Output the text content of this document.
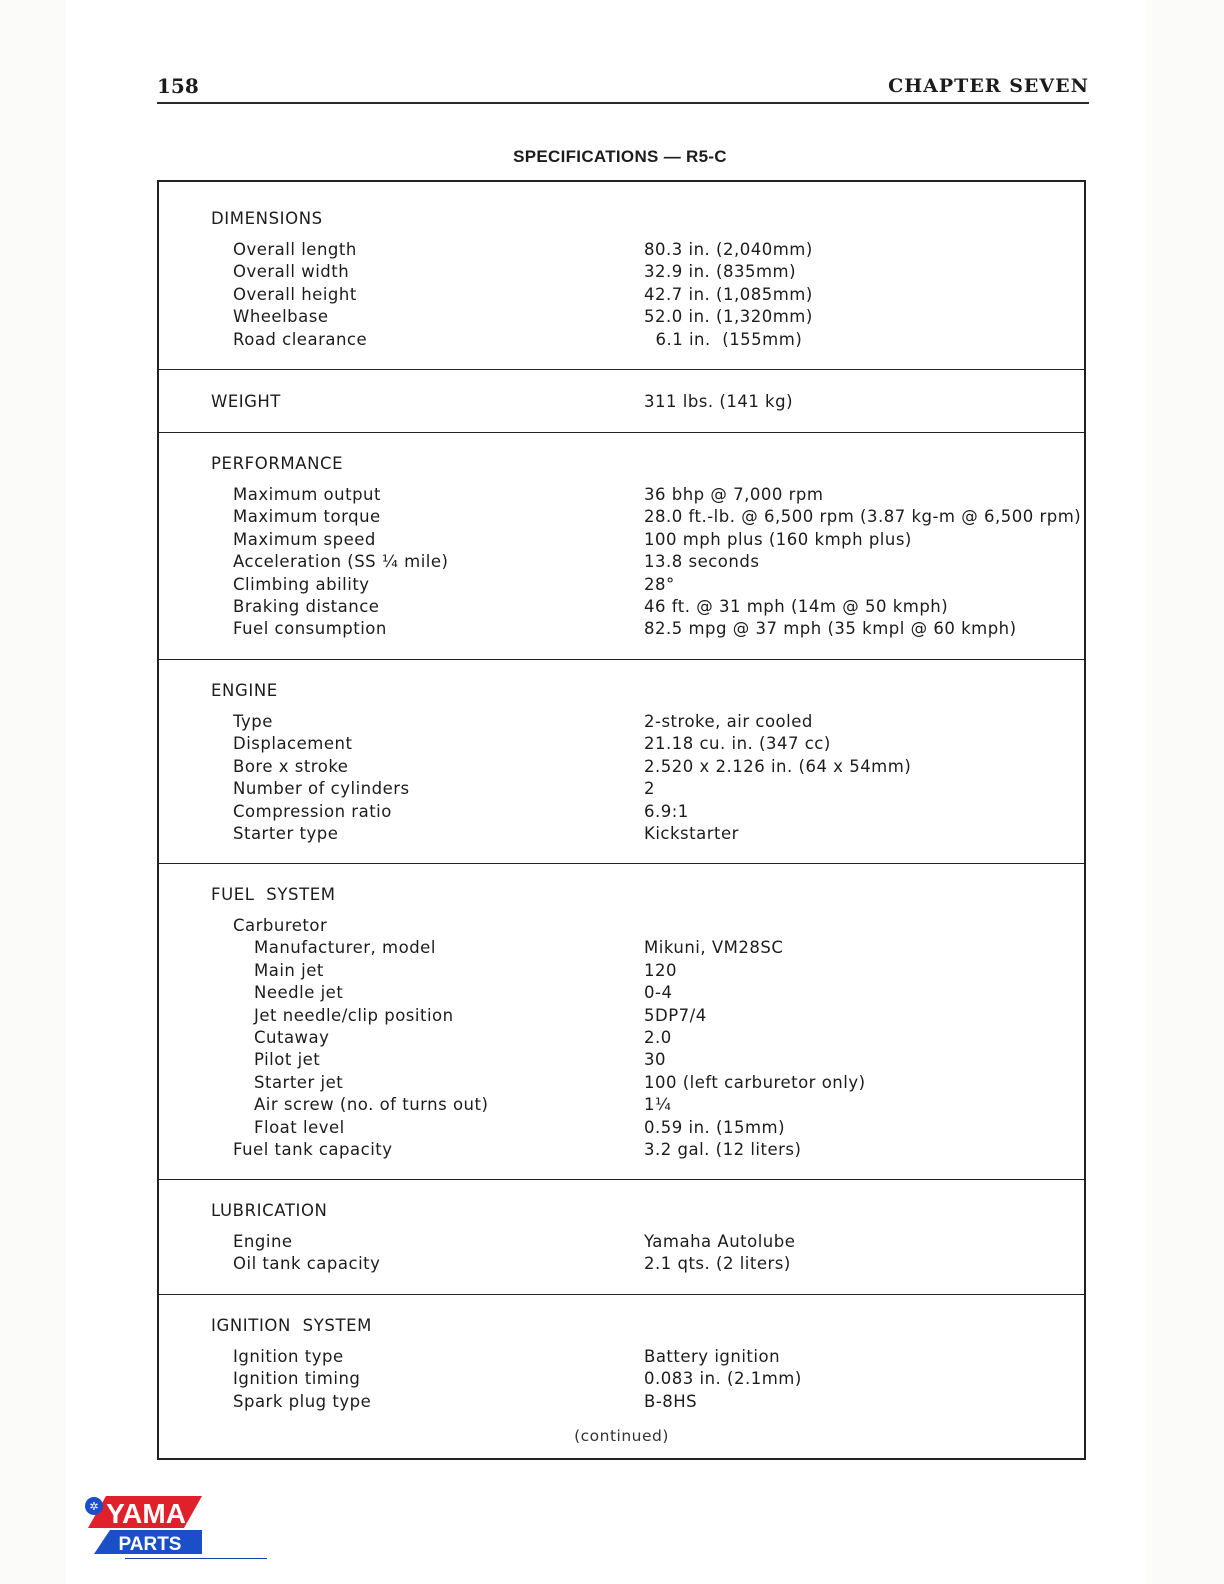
158	CHAPTER SEVEN
SPECIFICATIONS — R5-C
DIMENSIONS
Overall length	80.3 in. (2,040mm)
Overall width	32.9 in. (835mm)
Overall height	42.7 in. (1,085mm)
Wheelbase	52.0 in. (1,320mm)
Road clearance	6.1 in.  (155mm)
WEIGHT	311 lbs. (141 kg)
PERFORMANCE
Maximum output	36 bhp @ 7,000 rpm
Maximum torque	28.0 ft.-lb. @ 6,500 rpm (3.87 kg-m @ 6,500 rpm)
Maximum speed	100 mph plus (160 kmph plus)
Acceleration (SS ¼ mile)	13.8 seconds
Climbing ability	28°
Braking distance	46 ft. @ 31 mph (14m @ 50 kmph)
Fuel consumption	82.5 mpg @ 37 mph (35 kmpl @ 60 kmph)
ENGINE
Type	2-stroke, air cooled
Displacement	21.18 cu. in. (347 cc)
Bore x stroke	2.520 x 2.126 in. (64 x 54mm)
Number of cylinders	2
Compression ratio	6.9:1
Starter type	Kickstarter
FUEL  SYSTEM
Carburetor
Manufacturer, model	Mikuni, VM28SC
Main jet	120
Needle jet	0-4
Jet needle/clip position	5DP7/4
Cutaway	2.0
Pilot jet	30
Starter jet	100 (left carburetor only)
Air screw (no. of turns out)	1¼
Float level	0.59 in. (15mm)
Fuel tank capacity	3.2 gal. (12 liters)
LUBRICATION
Engine	Yamaha Autolube
Oil tank capacity	2.1 qts. (2 liters)
IGNITION  SYSTEM
Ignition type	Battery ignition
Ignition timing	0.083 in. (2.1mm)
Spark plug type	B-8HS
(continued)
✲ YAMA
PARTS
